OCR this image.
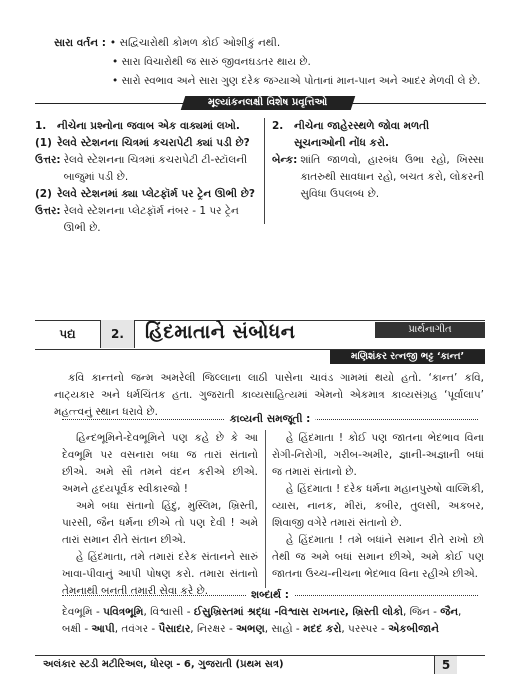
સારા વર્તન : • સદ્વિચારોથી કોમળ કોઈ ઓશીકું નથી.
• સારા વિચારોથી જ સારું જીવનઘડતર થાય છે.
• સારો સ્વભાવ અને સારા ગુણ દરેક જગ્યાએ પોતાનાં માન-પાન અને આદર મેળવી લે છે.
મૂલ્યાંકનલક્ષી વિશેષ પ્રવૃત્તિઓ
1.	નીચેના પ્રશ્નોના જવાબ એક વાક્યમાં લખો.
(1) રેલવે સ્ટેશનના ચિત્રમાં કચરાપેટી ક્યાં પડી છે?
ઉત્તર: રેલવે સ્ટેશનના ચિત્રમાં કચરાપેટી ટી-સ્ટૉલની બાજુમાં પડી છે.
(2) રેલવે સ્ટેશનમાં ક્યા પ્લેટફૉર્મ પર ટ્રેન ઊભી છે?
ઉત્તર: રેલવે સ્ટેશનના પ્લેટફૉર્મ નંબર - 1 પર ટ્રેન ઊભી છે.
2.	નીચેના જાહેરસ્થળે જોવા મળતી સૂચનાઓની નોંધ કરો.
બેન્ક: શાંતિ જાળવો, હારબંધ ઉભા રહો, ખિસ્સા કાતરુથી સાવધાન રહો, બચત કરો, લોકરની સુવિધા ઉપલબ્ધ છે.
પદ્ય	2.	હિંદમાતાને સંબોધન	પ્રાર્થનાગીત
મણિશંકર રત્નજી ભટ્ટ ‘કાન્ત’
કવિ કાન્તનો જન્મ અમરેલી જિલ્લાના લાઠી પાસેના ચાવંડ ગામમાં થયો હતો. ‘કાન્ત’ કવિ, નાટ્યકાર અને ધર્મચિંતક હતા. ગુજરાતી કાવ્યસાહિત્યમાં એમનો એકમાત્ર કાવ્યસંગ્રહ ‘પૂર્વાલાપ’ મહત્ત્વનું સ્થાન ધરાવે છે.
કાવ્યની સમજૂતી :

હિન્દભૂમિને-દેવભૂમિને પણ કહે છે કે આ દેવભૂમિ પર વસનારા બધા જ તારાં સંતાનો છીએ. અમે સૌ તમને વંદન કરીએ છીએ. અમને હૃદયપૂર્વક સ્વીકારજો !

અમે બધા સંતાનો હિંદુ, મુસ્લિમ, ખ્રિસ્તી, પારસી, જૈન ધર્મના છીએ તો પણ દેવી ! અમે તારાં સમાન રીતે સંતાન છીએ.

હે હિંદમાતા, તમે તમારાં દરેક સંતાનને સારું ખાવા-પીવાનું આપી પોષણ કરો. તમારા સંતાનો તેમનાથી બનતી તમારી સેવા કરે છે.

હે હિંદમાતા ! કોઈ પણ જાતના ભેદભાવ વિના રોગી-નિરોગી, ગરીબ-અમીર, જ્ઞાની-અજ્ઞાની બધાં જ તમારાં સંતાનો છે.

હે હિંદમાતા ! દરેક ધર્મના મહાનપુરુષો વાલ્મિકી, વ્યાસ, નાનક, મીરાં, કબીર, તુલસી, અકબર, શિવાજી વગેરે તમારાં સંતાનો છે.

હે હિંદમાતા ! તમે બધાંને સમાન રીતે રાખો છો તેથી જ અમે બધાં સમાન છીએ, અમે કોઈ પણ જાતના ઉચ્ચ-નીચના ભેદભાવ વિના રહીએ છીએ.

શબ્દાર્થ :
દેવભૂમિ - પવિત્રભૂમિ, વિશ્વાસી - ઈસુખ્રિસ્તમાં શ્રદ્ધા -વિશ્વાસ રાખનાર, ખ્રિસ્તી લોકો, જિન - જૈન, બક્ષી - આપી, તવંગર - પૈસાદાર, નિરક્ષર - અભણ, સાહો - મદદ કરો, પરસ્પર - એકબીજાને
અલંકાર સ્ટડી મટીરિઅલ, ધોરણ - 6, ગુજરાતી (પ્રથમ સત્ર)	5
